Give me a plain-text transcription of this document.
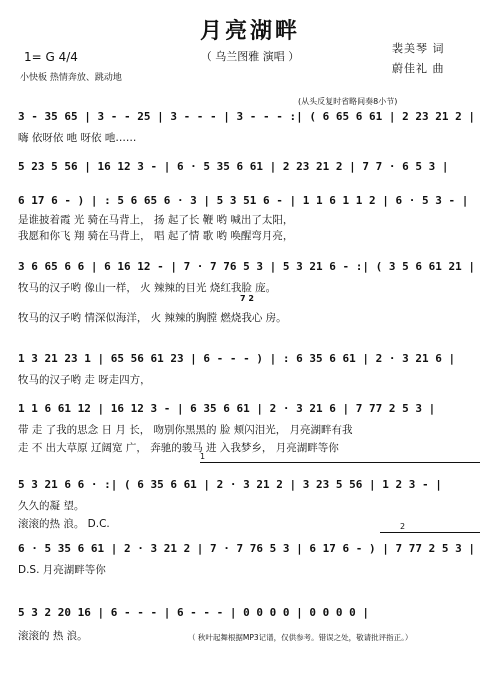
月亮湖畔
（ 乌兰图雅 演唱 ）
裴美琴 词
蔚佳礼 曲
1= G 4/4
小快板 热情奔放、跳动地
(从头反复时省略间奏8小节)
3 - 35 65 | 3 - - 25 | 3 - - - | 3 - - - :| ( 6 65 6 61 | 2 23 21 2 |
嗨 依呀依 吔 呀依 吔……
5 23 5 56 | 16 12 3 - | 6 · 5 35 6 61 | 2 23 21 2 | 7 7 · 6 5 3 |
6 17 6 - ) | : 5 6 65 6 · 3 | 5 3 51 6 - | 1 1 6 1 1 2 | 6 · 5 3 - |
是谁披着霞 光 骑在马背上， 扬 起了长 鞭 哟 喊出了太阳，
我愿和你飞 翔 骑在马背上， 唱 起了情 歌 哟 唤醒弯月亮，
3 6 65 6 6 | 6 16 12 - | 7 · 7 76 5 3 | 5 3 21 6 - :| ( 3 5 6 61 21 |
牧马的汉子哟 像山一样， 火 辣辣的目光 烧红我脸 庞。
7 2
牧马的汉子哟 情深似海洋， 火 辣辣的胸膛 燃烧我心 房。
1 3 21 23 1 | 65 56 61 23 | 6 - - - ) | : 6 35 6 61 | 2 · 3 21 6 |
牧马的汉子哟 走 呀走四方，
1 1 6 61 12 | 16 12 3 - | 6 35 6 61 | 2 · 3 21 6 | 7 77 2 5 3 |
带 走 了我的思念 日 月 长， 吻别你黑黑的 脸 颊闪泪光， 月亮湖畔有我
走 不 出大草原 辽阔宽 广， 奔驰的骏马 进 入我梦乡， 月亮湖畔等你
1
5 3 21 6 6 · :| ( 6 35 6 61 | 2 · 3 21 2 | 3 23 5 56 | 1 2 3 - |
久久的凝 望。
滚滚的热 浪。 D.C.	2
6 · 5 35 6 61 | 2 · 3 21 2 | 7 · 7 76 5 3 | 6 17 6 - ) | 7 77 2 5 3 |
D.S. 月亮湖畔等你
5 3 2 20 16 | 6 - - - | 6 - - - | 0 0 0 0 | 0 0 0 0 |
滚滚的 热 浪。	（ 秋叶起舞根据MP3记谱，仅供参考。错误之处，敬请批评指正。）
